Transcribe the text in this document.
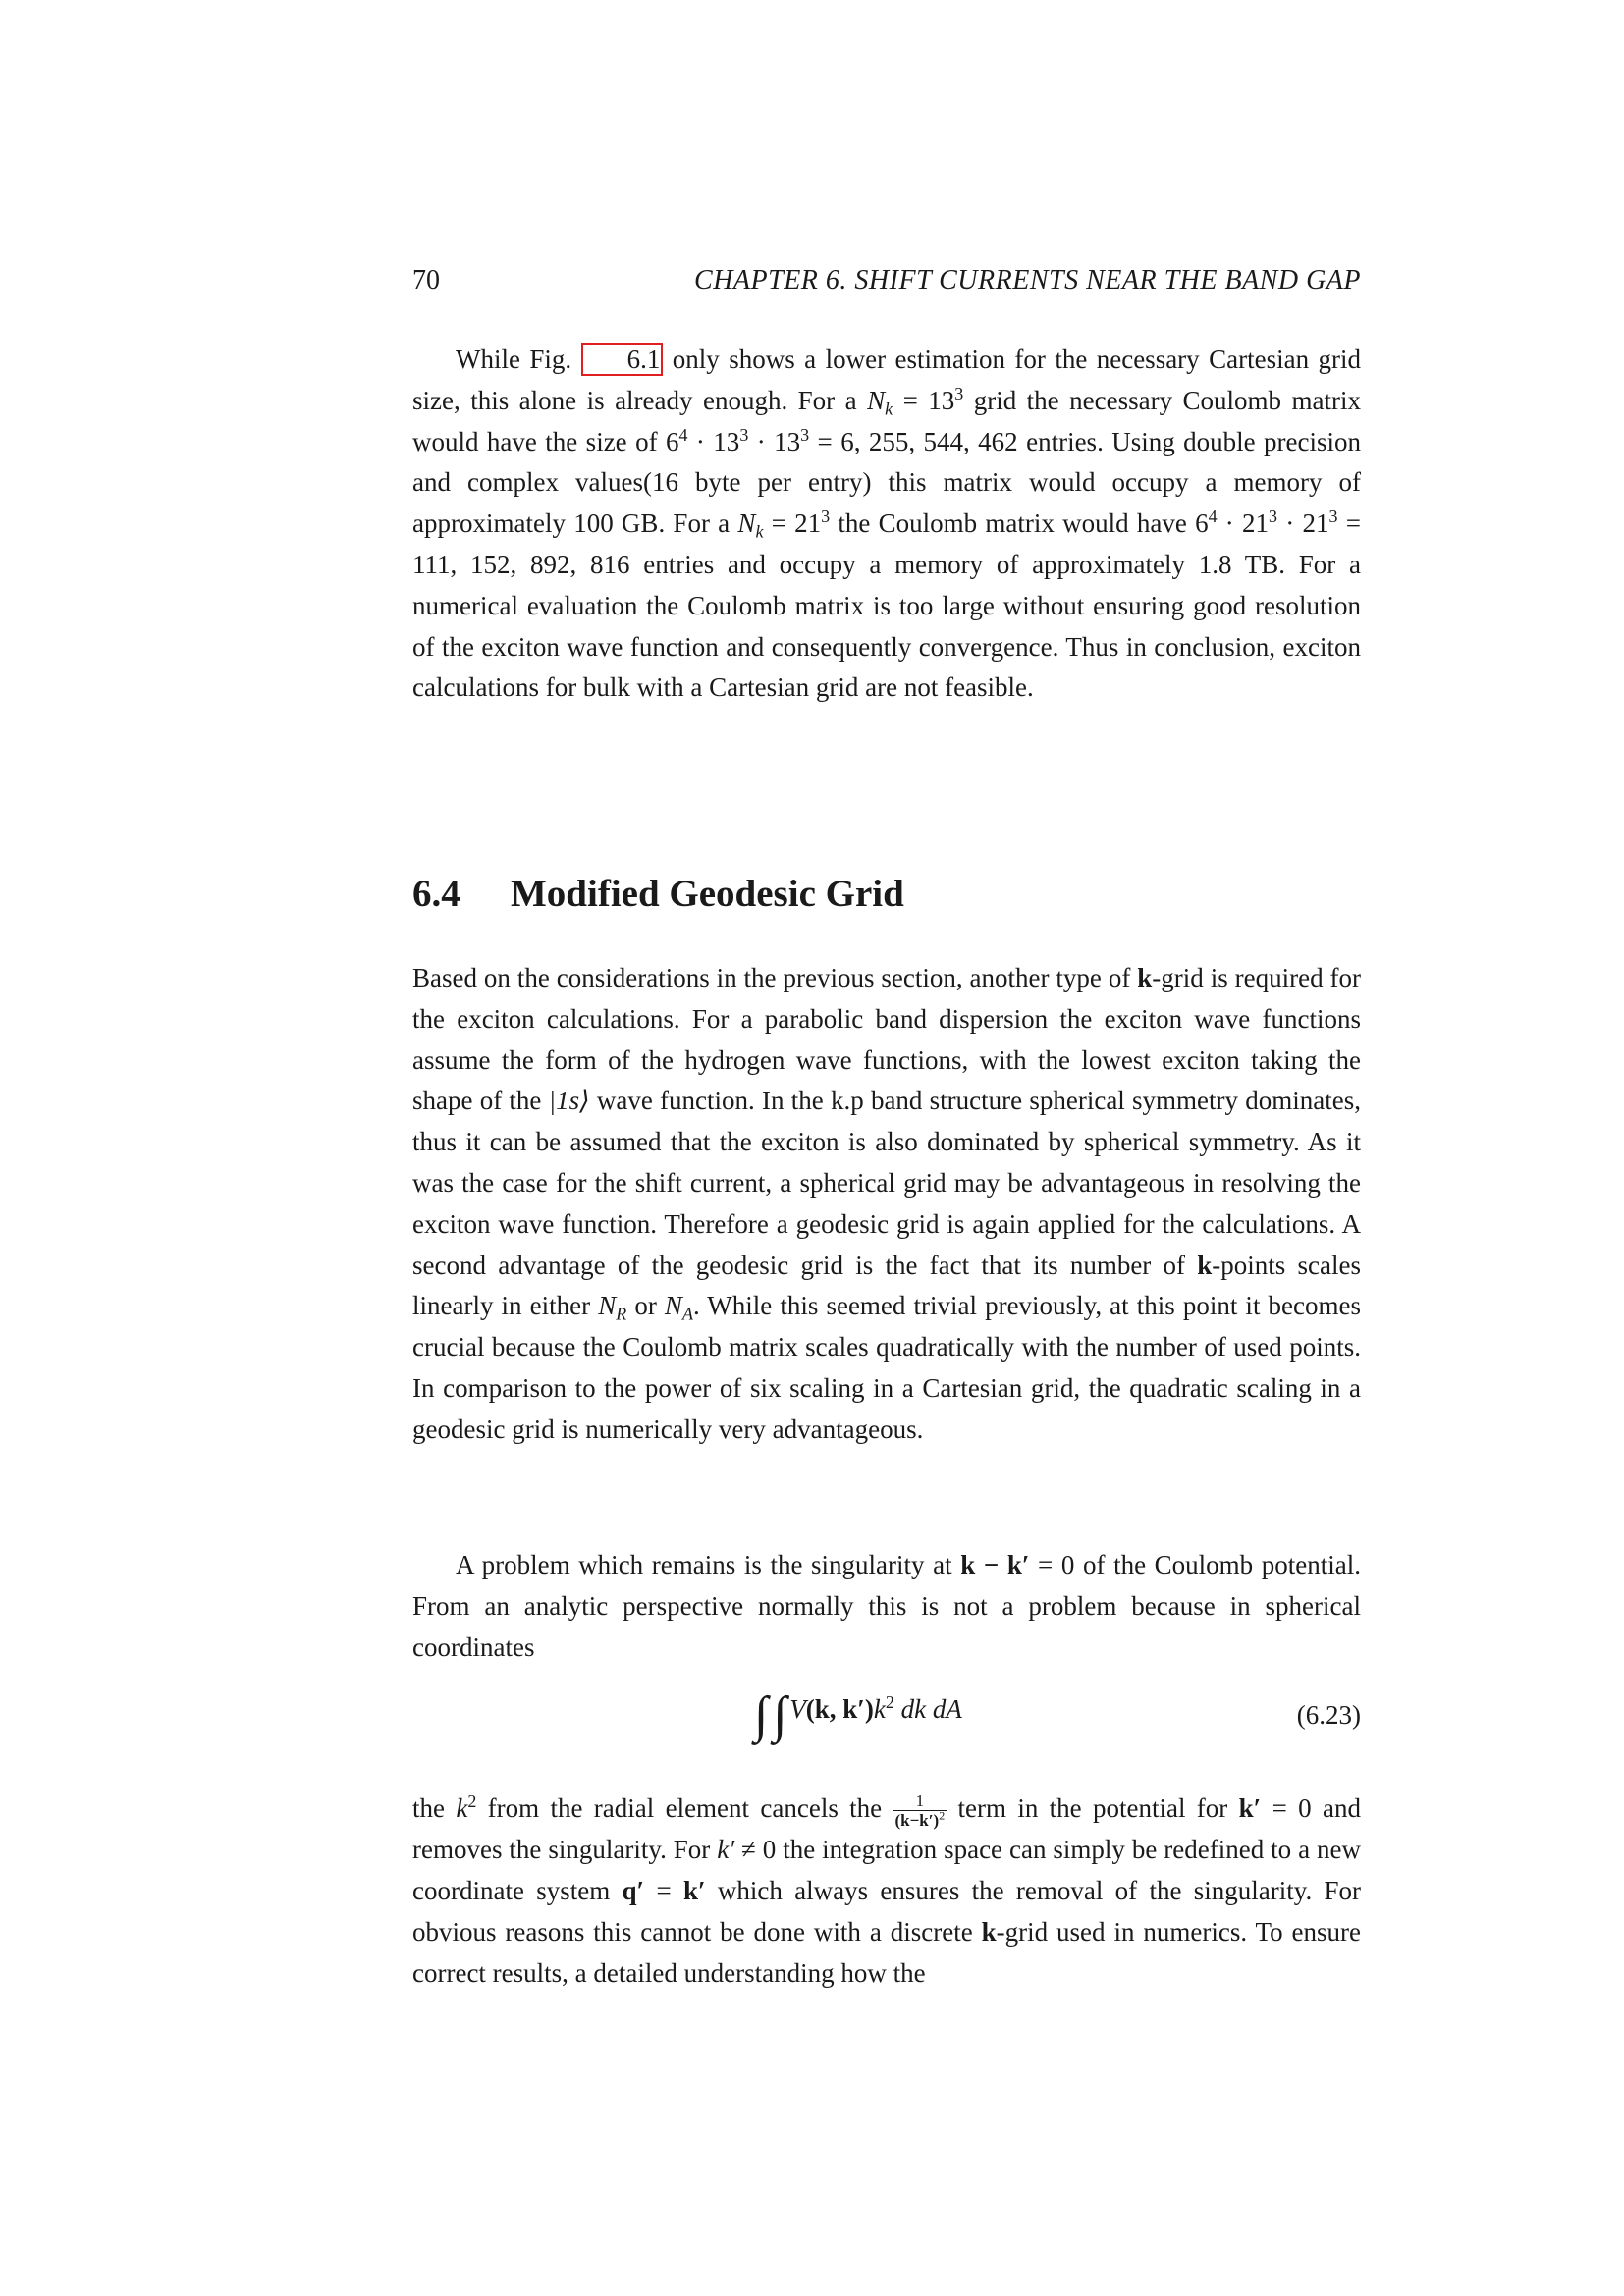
70	CHAPTER 6. SHIFT CURRENTS NEAR THE BAND GAP

While Fig. 6.1 only shows a lower estimation for the necessary Cartesian grid size, this alone is already enough. For a $N_k = 13^3$ grid the necessary Coulomb matrix would have the size of $6^4 \cdot 13^3 \cdot 13^3 = 6$, 255, 544, 462 entries. Using double precision and complex values(16 byte per entry) this matrix would occupy a memory of approximately 100 GB. For a $N_k = 21^3$ the Coulomb matrix would have $6^4 \cdot 21^3 \cdot 21^3 = 111$, 152, 892, 816 entries and occupy a memory of approximately 1.8 TB. For a numerical evaluation the Coulomb matrix is too large without ensuring good resolution of the exciton wave function and consequently convergence. Thus in conclusion, exciton calculations for bulk with a Cartesian grid are not feasible.

6.4 Modified Geodesic Grid

Based on the considerations in the previous section, another type of k-grid is required for the exciton calculations. For a parabolic band dispersion the exciton wave functions assume the form of the hydrogen wave functions, with the lowest exciton taking the shape of the |1s⟩ wave function. In the k.p band structure spherical symmetry dominates, thus it can be assumed that the exciton is also dominated by spherical symmetry. As it was the case for the shift current, a spherical grid may be advantageous in resolving the exciton wave function. Therefore a geodesic grid is again applied for the calculations. A second advantage of the geodesic grid is the fact that its number of k-points scales linearly in either $N_R$ or $N_A$. While this seemed trivial previously, at this point it becomes crucial because the Coulomb matrix scales quadratically with the number of used points. In comparison to the power of six scaling in a Cartesian grid, the quadratic scaling in a geodesic grid is numerically very advantageous.

A problem which remains is the singularity at k − k′ = 0 of the Coulomb potential. From an analytic perspective normally this is not a problem because in spherical coordinates

∫ ∫ V(k, $k')k^2$ dk dA	(6.23)

the $k^2$ from the radial element cancels the $\frac{1}{(k-k')^2}$ term in the potential for k′ = 0 and removes the singularity. For k′ ≠ 0 the integration space can simply be redefined to a new coordinate system q′ = k′ which always ensures the removal of the singularity. For obvious reasons this cannot be done with a discrete k-grid used in numerics. To ensure correct results, a detailed understanding how the
